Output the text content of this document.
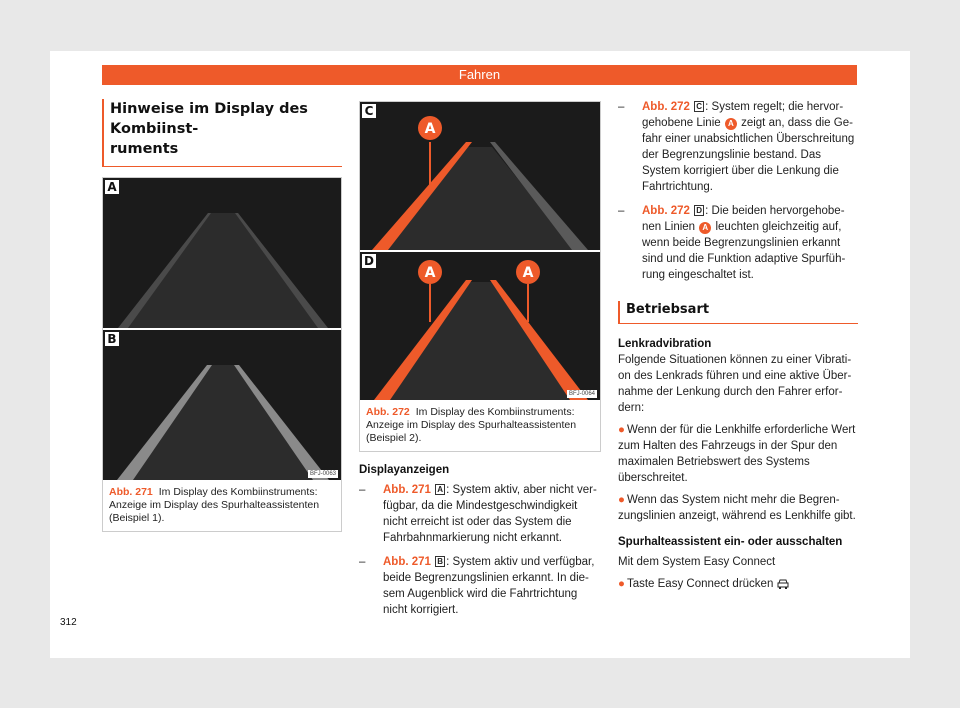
Fahren
Hinweise im Display des Kombiinst-
ruments
A
B
BFJ-0063
Abb. 271 Im Display des Kombiinstruments: Anzeige im Display des Spurhalteassistenten (Beispiel 1).
A
C
A	A
D
BFJ-0064
Abb. 272 Im Display des Kombiinstruments: Anzeige im Display des Spurhalteassistenten (Beispiel 2).
Displayanzeigen
–	Abb. 271 A : System aktiv, aber nicht verfügbar, da die Mindestgeschwindigkeit nicht erreicht ist oder das System die Fahrbahnmarkierung nicht erkannt.
–	Abb. 271 B : System aktiv und verfügbar, beide Begrenzungslinien erkannt. In diesem Augenblick wird die Fahrtrichtung nicht korrigiert.
–	Abb. 272 C : System regelt; die hervorgehobene Linie A zeigt an, dass die Gefahr einer unabsichtlichen Überschreitung der Begrenzungslinie bestand. Das System korrigiert über die Lenkung die Fahrtrichtung.
–	Abb. 272 D : Die beiden hervorgehobenen Linien A leuchten gleichzeitig auf, wenn beide Begrenzungslinien erkannt sind und die Funktion adaptive Spurführung eingeschaltet ist.
Betriebsart
Lenkradvibration
Folgende Situationen können zu einer Vibration des Lenkrads führen und eine aktive Übernahme der Lenkung durch den Fahrer erfordern:
● Wenn der für die Lenkhilfe erforderliche Wert zum Halten des Fahrzeugs in der Spur den maximalen Betriebswert des Systems überschreitet.
● Wenn das System nicht mehr die Begrenzungslinien anzeigt, während es Lenkhilfe gibt.
Spurhalteassistent ein- oder ausschalten
Mit dem System Easy Connect
● Taste Easy Connect drücken
312
